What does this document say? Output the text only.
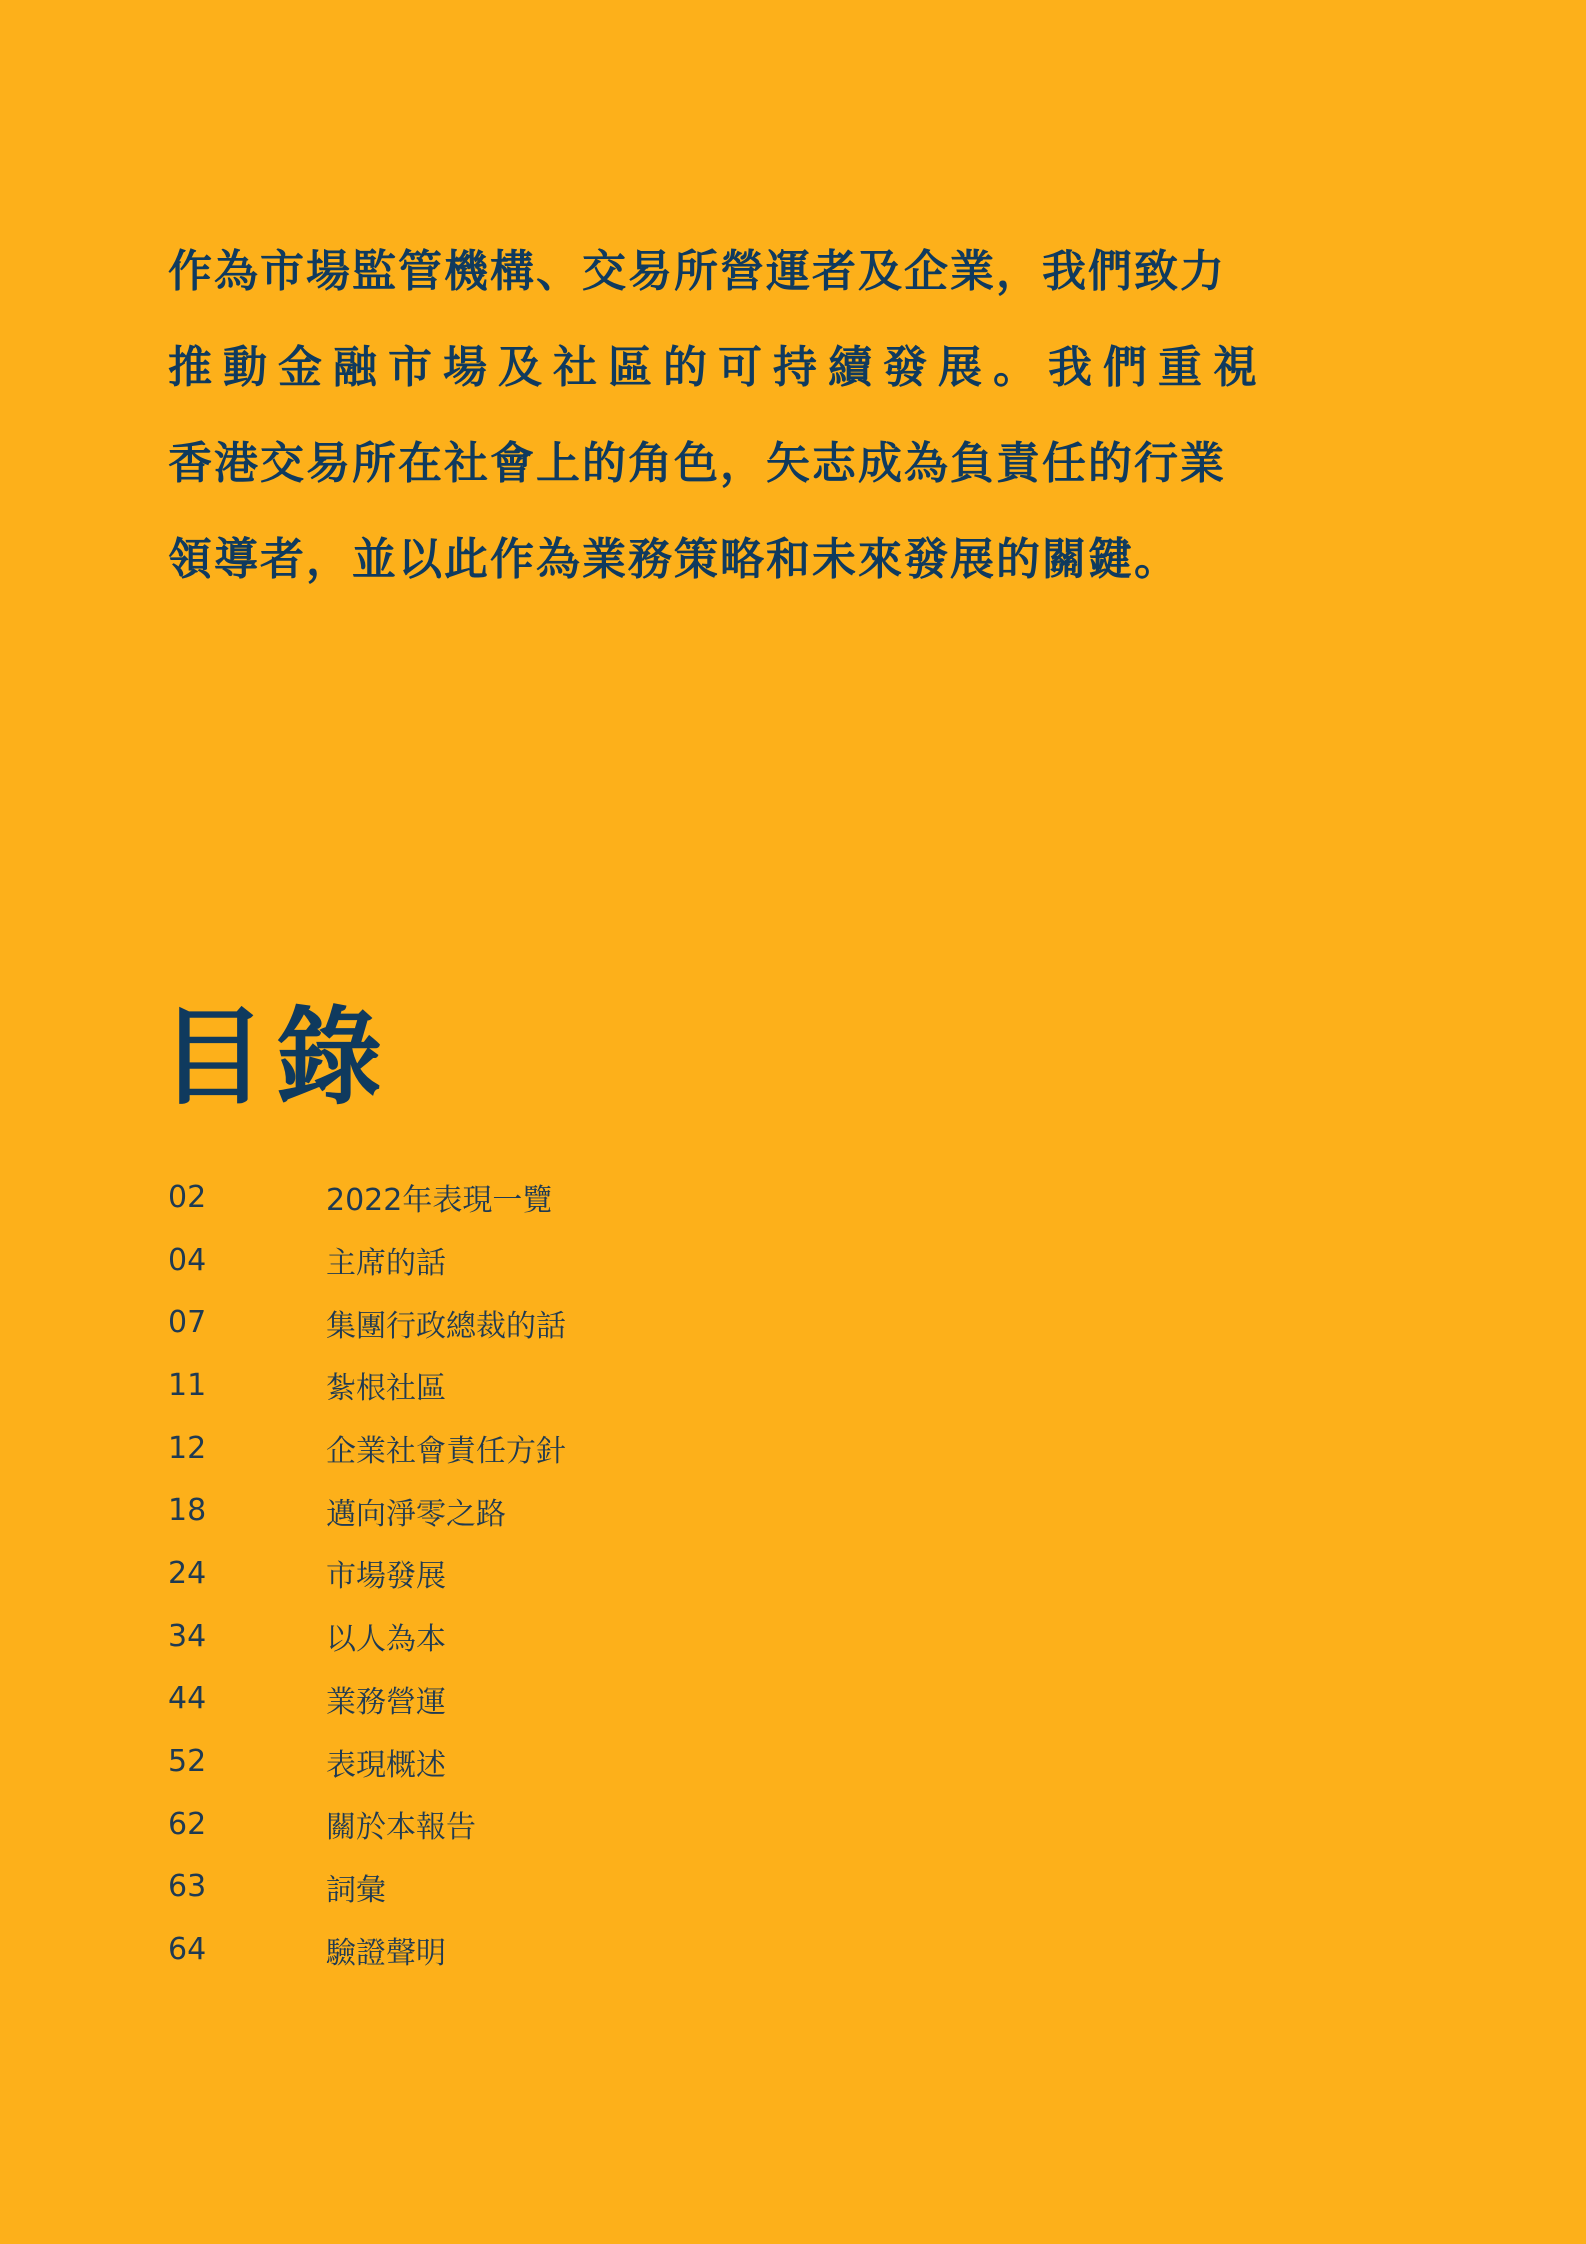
作為市場監管機構、交易所營運者及企業，我們致力
推動金融市場及社區的可持續發展。我們重視
香港交易所在社會上的角色，矢志成為負責任的行業
領導者，並以此作為業務策略和未來發展的關鍵。
目錄
02	2022年表現一覽
04	主席的話
07	集團行政總裁的話
11	紮根社區
12	企業社會責任方針
18	邁向淨零之路
24	市場發展
34	以人為本
44	業務營運
52	表現概述
62	關於本報告
63	詞彙
64	驗證聲明
